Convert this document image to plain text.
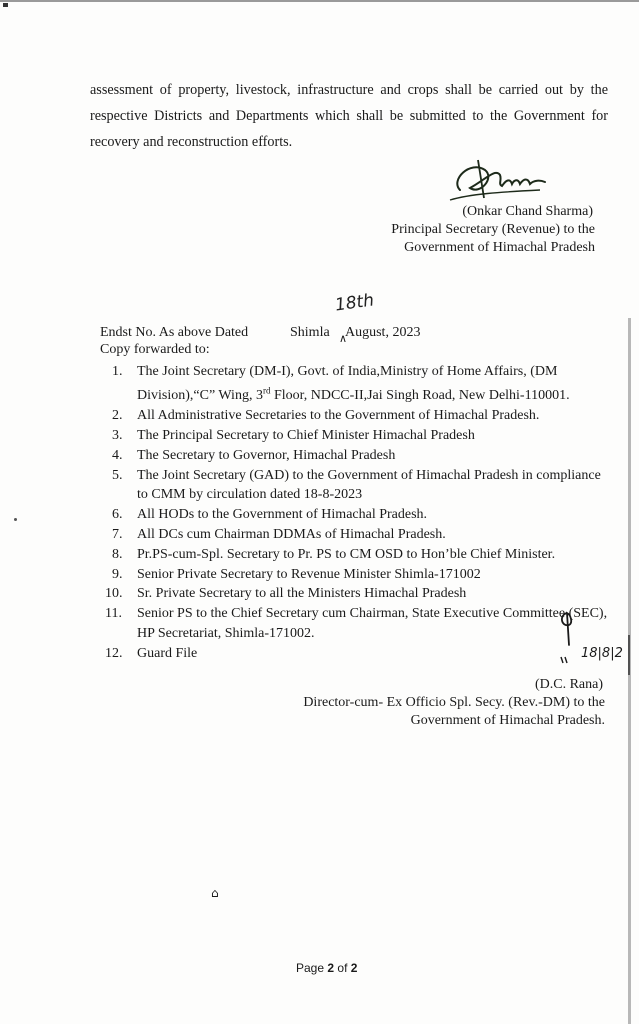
assessment of property, livestock, infrastructure and crops shall be carried out by the respective Districts and Departments which shall be submitted to the Government for recovery and reconstruction efforts.

(Onkar Chand Sharma)
Principal Secretary (Revenue) to the
Government of Himachal Pradesh
18th
∧
Endst No. As above Dated	Shimla August, 2023
Copy forwarded to:
1. The Joint Secretary (DM-I), Govt. of India,Ministry of Home Affairs, (DM Division),“C” Wing, 3rd Floor, NDCC-II,Jai Singh Road, New Delhi-110001.
2. All Administrative Secretaries to the Government of Himachal Pradesh.
3. The Principal Secretary to Chief Minister Himachal Pradesh
4. The Secretary to Governor, Himachal Pradesh
5. The Joint Secretary (GAD) to the Government of Himachal Pradesh in compliance to CMM by circulation dated 18-8-2023
6. All HODs to the Government of Himachal Pradesh.
7. All DCs cum Chairman DDMAs of Himachal Pradesh.
8. Pr.PS-cum-Spl. Secretary to Pr. PS to CM OSD to Hon’ble Chief Minister.
9. Senior Private Secretary to Revenue Minister Shimla-171002
10. Sr. Private Secretary to all the Ministers Himachal Pradesh
11. Senior PS to the Chief Secretary cum Chairman, State Executive Committee (SEC), HP Secretariat, Shimla-171002.
12. Guard File	18|8|2
(D.C. Rana)
Director-cum- Ex Officio Spl. Secy. (Rev.-DM) to the
Government of Himachal Pradesh.
⌂
Page 2 of 2
